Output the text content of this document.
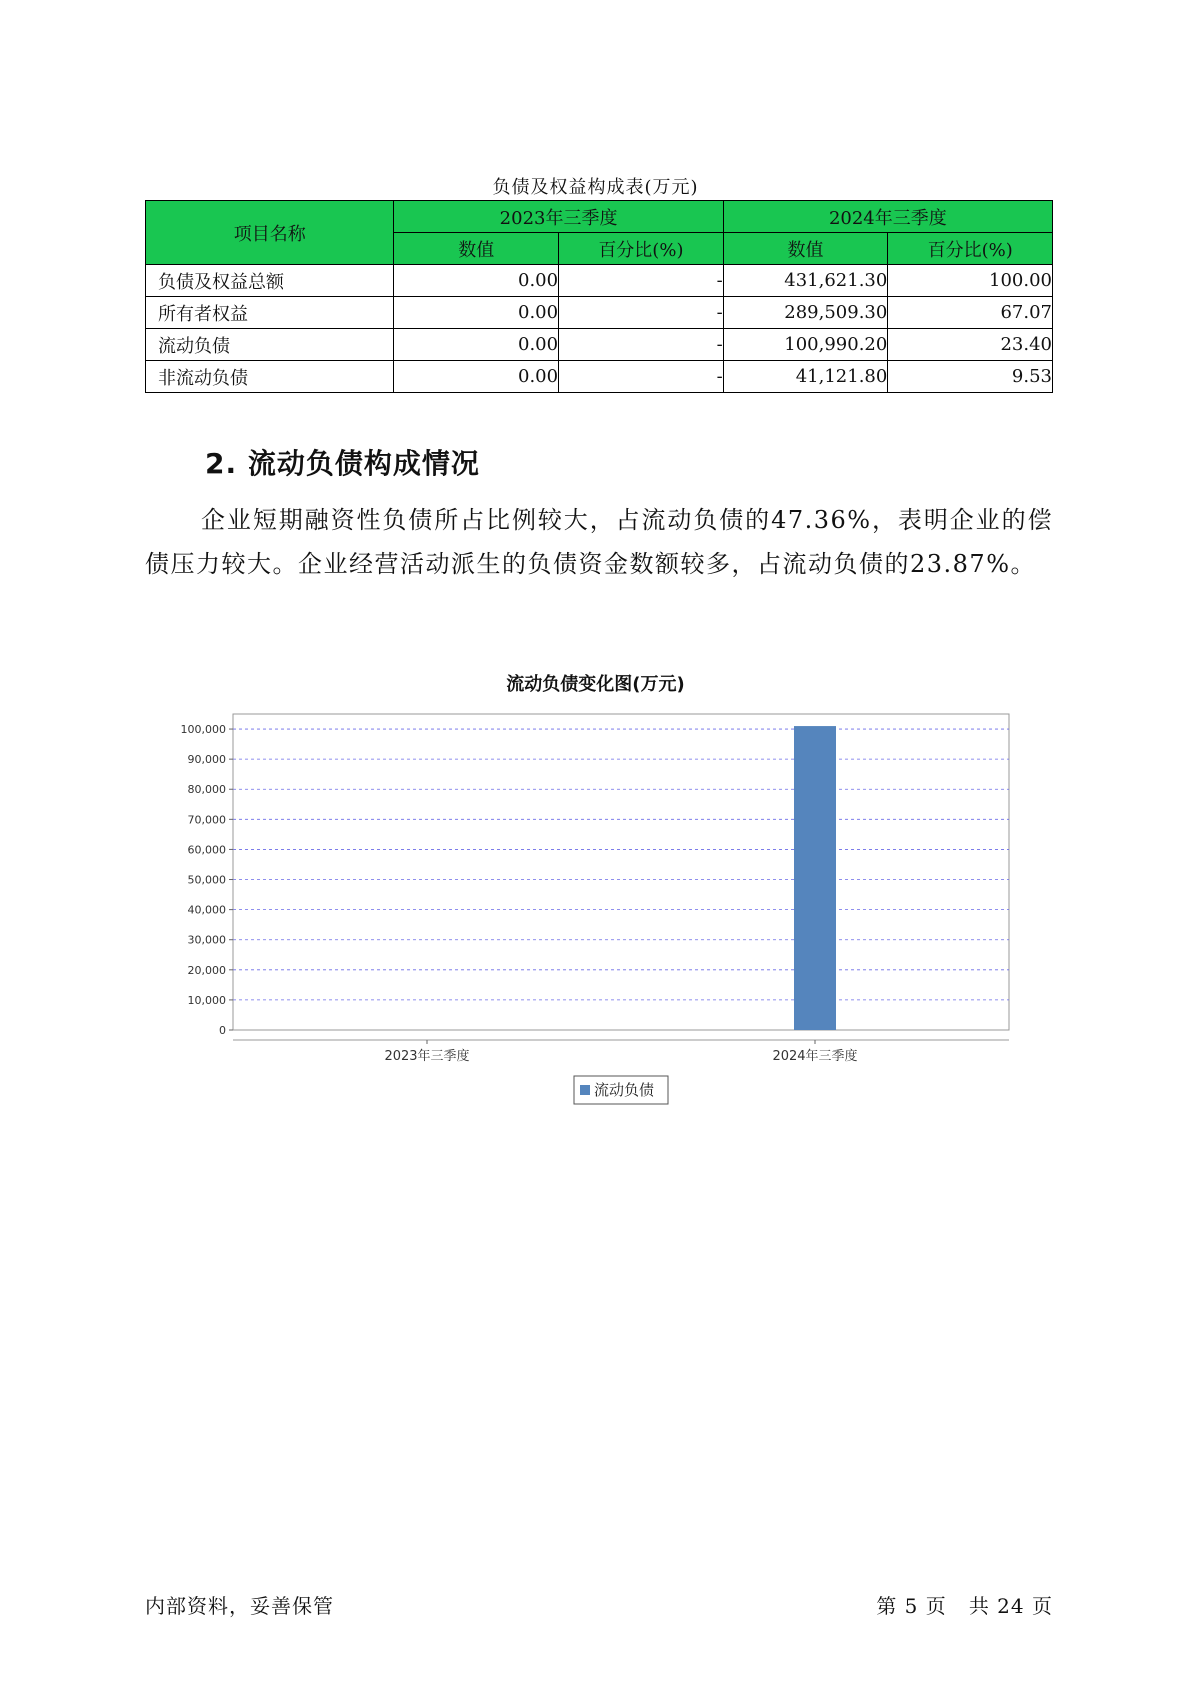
负债及权益构成表(万元)
项目名称	2023年三季度		2024年三季度	
	数值	百分比(%)	数值	百分比(%)
负债及权益总额	0.00	-	431,621.30	100.00
所有者权益	0.00	-	289,509.30	67.07
流动负债	0.00	-	100,990.20	23.40
非流动负债	0.00	-	41,121.80	9.53
2. 流动负债构成情况

企业短期融资性负债所占比例较大，占流动负债的47.36%，表明企业的偿债压力较大。企业经营活动派生的负债资金数额较多，占流动负债的23.87%。

流动负债变化图(万元)
0
10,000
20,000
30,000
40,000
50,000
60,000
70,000
80,000
90,000
100,000
2023年三季度	2024年三季度
流动负债
内部资料，妥善保管	第 5 页   共 24 页
